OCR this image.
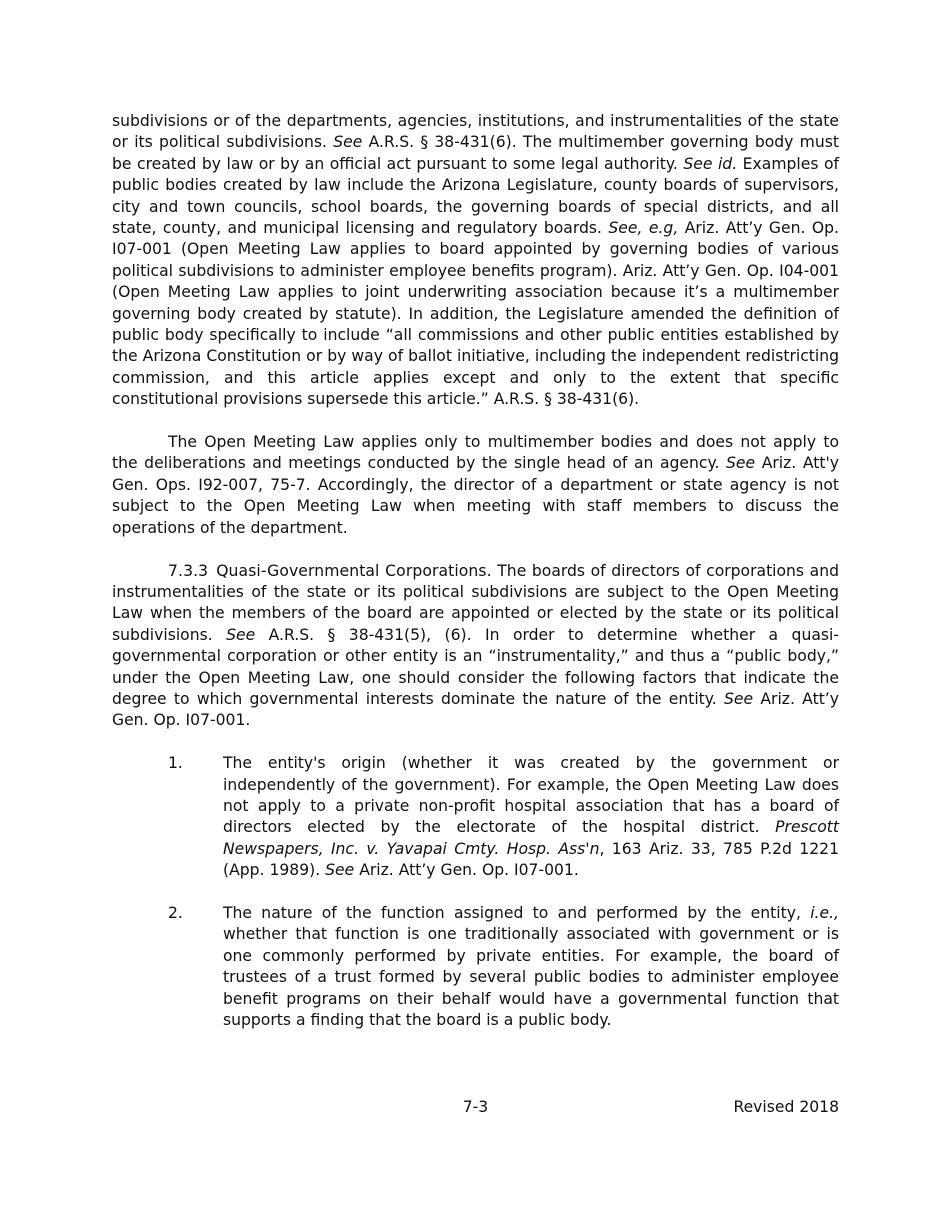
subdivisions or of the departments, agencies, institutions, and instrumentalities of the state or its political subdivisions. See A.R.S. § 38-431(6). The multimember governing body must be created by law or by an official act pursuant to some legal authority. See id. Examples of public bodies created by law include the Arizona Legislature, county boards of supervisors, city and town councils, school boards, the governing boards of special districts, and all state, county, and municipal licensing and regulatory boards. See, e.g, Ariz. Att’y Gen. Op. I07-001 (Open Meeting Law applies to board appointed by governing bodies of various political subdivisions to administer employee benefits program). Ariz. Att’y Gen. Op. I04-001 (Open Meeting Law applies to joint underwriting association because it’s a multimember governing body created by statute). In addition, the Legislature amended the definition of public body specifically to include “all commissions and other public entities established by the Arizona Constitution or by way of ballot initiative, including the independent redistricting commission, and this article applies except and only to the extent that specific constitutional provisions supersede this article.” A.R.S. § 38-431(6).

The Open Meeting Law applies only to multimember bodies and does not apply to the deliberations and meetings conducted by the single head of an agency. See Ariz. Att'y Gen. Ops. I92-007, 75-7. Accordingly, the director of a department or state agency is not subject to the Open Meeting Law when meeting with staff members to discuss the operations of the department.

7.3.3 Quasi-Governmental Corporations. The boards of directors of corporations and instrumentalities of the state or its political subdivisions are subject to the Open Meeting Law when the members of the board are appointed or elected by the state or its political subdivisions. See A.R.S. § 38-431(5), (6). In order to determine whether a quasi-governmental corporation or other entity is an “instrumentality,” and thus a “public body,” under the Open Meeting Law, one should consider the following factors that indicate the degree to which governmental interests dominate the nature of the entity. See Ariz. Att’y Gen. Op. I07-001.

1.	The entity's origin (whether it was created by the government or independently of the government). For example, the Open Meeting Law does not apply to a private non-profit hospital association that has a board of directors elected by the electorate of the hospital district. Prescott Newspapers, Inc. v. Yavapai Cmty. Hosp. Ass'n, 163 Ariz. 33, 785 P.2d 1221 (App. 1989). See Ariz. Att’y Gen. Op. I07-001.
2.	The nature of the function assigned to and performed by the entity, i.e., whether that function is one traditionally associated with government or is one commonly performed by private entities. For example, the board of trustees of a trust formed by several public bodies to administer employee benefit programs on their behalf would have a governmental function that supports a finding that the board is a public body.
7-3	Revised 2018
